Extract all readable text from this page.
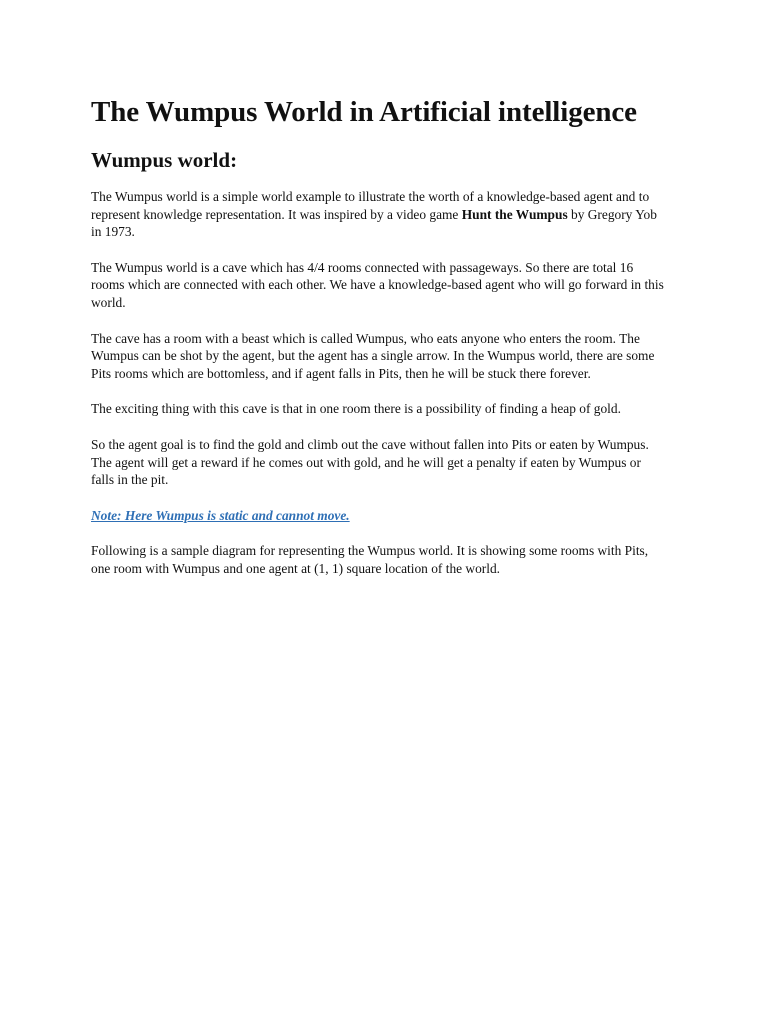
The Wumpus World in Artificial intelligence
Wumpus world:

The Wumpus world is a simple world example to illustrate the worth of a knowledge-based agent and to represent knowledge representation. It was inspired by a video game Hunt the Wumpus by Gregory Yob in 1973.

The Wumpus world is a cave which has 4/4 rooms connected with passageways. So there are total 16 rooms which are connected with each other. We have a knowledge-based agent who will go forward in this world.

The cave has a room with a beast which is called Wumpus, who eats anyone who enters the room. The Wumpus can be shot by the agent, but the agent has a single arrow. In the Wumpus world, there are some Pits rooms which are bottomless, and if agent falls in Pits, then he will be stuck there forever.

The exciting thing with this cave is that in one room there is a possibility of finding a heap of gold.

So the agent goal is to find the gold and climb out the cave without fallen into Pits or eaten by Wumpus. The agent will get a reward if he comes out with gold, and he will get a penalty if eaten by Wumpus or falls in the pit.

Note: Here Wumpus is static and cannot move.

Following is a sample diagram for representing the Wumpus world. It is showing some rooms with Pits, one room with Wumpus and one agent at (1, 1) square location of the world.
